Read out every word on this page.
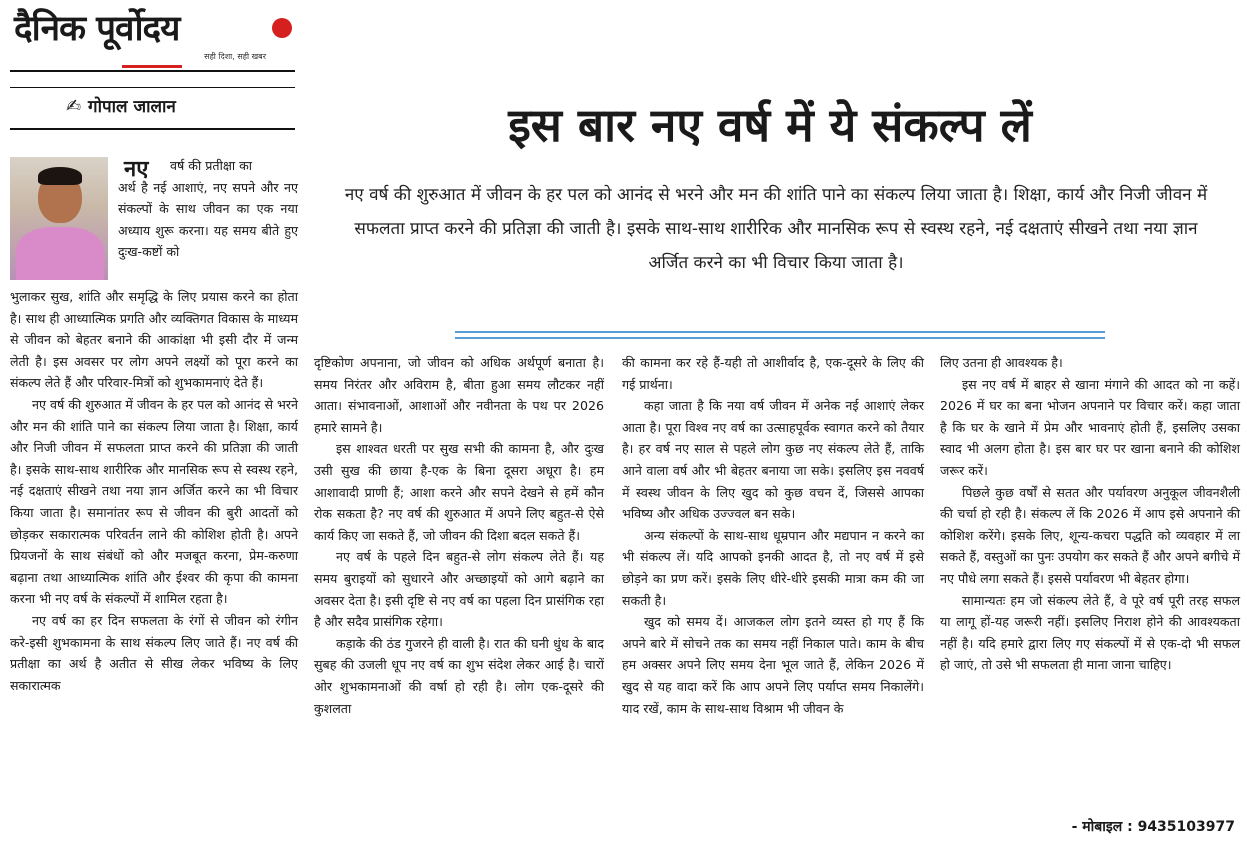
दैनिक पूर्वोदय
सही दिशा, सही खबर
✍ गोपाल जालान	इस बार नए वर्ष में ये संकल्प लें
नए वर्ष की शुरुआत में जीवन के हर पल को आनंद से भरने और मन की शांति पाने का संकल्प लिया जाता है। शिक्षा, कार्य और निजी जीवन में सफलता प्राप्त करने की प्रतिज्ञा की जाती है। इसके साथ-साथ शारीरिक और मानसिक रूप से स्वस्थ रहने, नई दक्षताएं सीखने तथा नया ज्ञान अर्जित करने का भी विचार किया जाता है।
नए	वर्ष की प्रतीक्षा का
अर्थ है नई आशाएं, नए सपने और नए संकल्पों के साथ जीवन का एक नया अध्याय शुरू करना। यह समय बीते हुए दुःख-कष्टों को

भुलाकर सुख, शांति और समृद्धि के लिए प्रयास करने का होता है। साथ ही आध्यात्मिक प्रगति और व्यक्तिगत विकास के माध्यम से जीवन को बेहतर बनाने की आकांक्षा भी इसी दौर में जन्म लेती है। इस अवसर पर लोग अपने लक्ष्यों को पूरा करने का संकल्प लेते हैं और परिवार-मित्रों को शुभकामनाएं देते हैं।

नए वर्ष की शुरुआत में जीवन के हर पल को आनंद से भरने और मन की शांति पाने का संकल्प लिया जाता है। शिक्षा, कार्य और निजी जीवन में सफलता प्राप्त करने की प्रतिज्ञा की जाती है। इसके साथ-साथ शारीरिक और मानसिक रूप से स्वस्थ रहने, नई दक्षताएं सीखने तथा नया ज्ञान अर्जित करने का भी विचार किया जाता है। समानांतर रूप से जीवन की बुरी आदतों को छोड़कर सकारात्मक परिवर्तन लाने की कोशिश होती है। अपने प्रियजनों के साथ संबंधों को और मजबूत करना, प्रेम-करुणा बढ़ाना तथा आध्यात्मिक शांति और ईश्वर की कृपा की कामना करना भी नए वर्ष के संकल्पों में शामिल रहता है।

नए वर्ष का हर दिन सफलता के रंगों से जीवन को रंगीन करे-इसी शुभकामना के साथ संकल्प लिए जाते हैं। नए वर्ष की प्रतीक्षा का अर्थ है अतीत से सीख लेकर भविष्य के लिए सकारात्मक

दृष्टिकोण अपनाना, जो जीवन को अधिक अर्थपूर्ण बनाता है। समय निरंतर और अविराम है, बीता हुआ समय लौटकर नहीं आता। संभावनाओं, आशाओं और नवीनता के पथ पर 2026 हमारे सामने है।

इस शाश्वत धरती पर सुख सभी की कामना है, और दुःख उसी सुख की छाया है-एक के बिना दूसरा अधूरा है। हम आशावादी प्राणी हैं; आशा करने और सपने देखने से हमें कौन रोक सकता है? नए वर्ष की शुरुआत में अपने लिए बहुत-से ऐसे कार्य किए जा सकते हैं, जो जीवन की दिशा बदल सकते हैं।

नए वर्ष के पहले दिन बहुत-से लोग संकल्प लेते हैं। यह समय बुराइयों को सुधारने और अच्छाइयों को आगे बढ़ाने का अवसर देता है। इसी दृष्टि से नए वर्ष का पहला दिन प्रासंगिक रहा है और सदैव प्रासंगिक रहेगा।

कड़ाके की ठंड गुजरने ही वाली है। रात की घनी धुंध के बाद सुबह की उजली धूप नए वर्ष का शुभ संदेश लेकर आई है। चारों ओर शुभकामनाओं की वर्षा हो रही है। लोग एक-दूसरे की कुशलता

की कामना कर रहे हैं-यही तो आशीर्वाद है, एक-दूसरे के लिए की गई प्रार्थना।

कहा जाता है कि नया वर्ष जीवन में अनेक नई आशाएं लेकर आता है। पूरा विश्व नए वर्ष का उत्साहपूर्वक स्वागत करने को तैयार है। हर वर्ष नए साल से पहले लोग कुछ नए संकल्प लेते हैं, ताकि आने वाला वर्ष और भी बेहतर बनाया जा सके। इसलिए इस नववर्ष में स्वस्थ जीवन के लिए खुद को कुछ वचन दें, जिससे आपका भविष्य और अधिक उज्ज्वल बन सके।

अन्य संकल्पों के साथ-साथ धूम्रपान और मद्यपान न करने का भी संकल्प लें। यदि आपको इनकी आदत है, तो नए वर्ष में इसे छोड़ने का प्रण करें। इसके लिए धीरे-धीरे इसकी मात्रा कम की जा सकती है।

खुद को समय दें। आजकल लोग इतने व्यस्त हो गए हैं कि अपने बारे में सोचने तक का समय नहीं निकाल पाते। काम के बीच हम अक्सर अपने लिए समय देना भूल जाते हैं, लेकिन 2026 में खुद से यह वादा करें कि आप अपने लिए पर्याप्त समय निकालेंगे। याद रखें, काम के साथ-साथ विश्राम भी जीवन के

लिए उतना ही आवश्यक है।

इस नए वर्ष में बाहर से खाना मंगाने की आदत को ना कहें। 2026 में घर का बना भोजन अपनाने पर विचार करें। कहा जाता है कि घर के खाने में प्रेम और भावनाएं होती हैं, इसलिए उसका स्वाद भी अलग होता है। इस बार घर पर खाना बनाने की कोशिश जरूर करें।

पिछले कुछ वर्षों से सतत और पर्यावरण अनुकूल जीवनशैली की चर्चा हो रही है। संकल्प लें कि 2026 में आप इसे अपनाने की कोशिश करेंगे। इसके लिए, शून्य-कचरा पद्धति को व्यवहार में ला सकते हैं, वस्तुओं का पुनः उपयोग कर सकते हैं और अपने बगीचे में नए पौधे लगा सकते हैं। इससे पर्यावरण भी बेहतर होगा।

सामान्यतः हम जो संकल्प लेते हैं, वे पूरे वर्ष पूरी तरह सफल या लागू हों-यह जरूरी नहीं। इसलिए निराश होने की आवश्यकता नहीं है। यदि हमारे द्वारा लिए गए संकल्पों में से एक-दो भी सफल हो जाएं, तो उसे भी सफलता ही माना जाना चाहिए।

- मोबाइल : 9435103977
